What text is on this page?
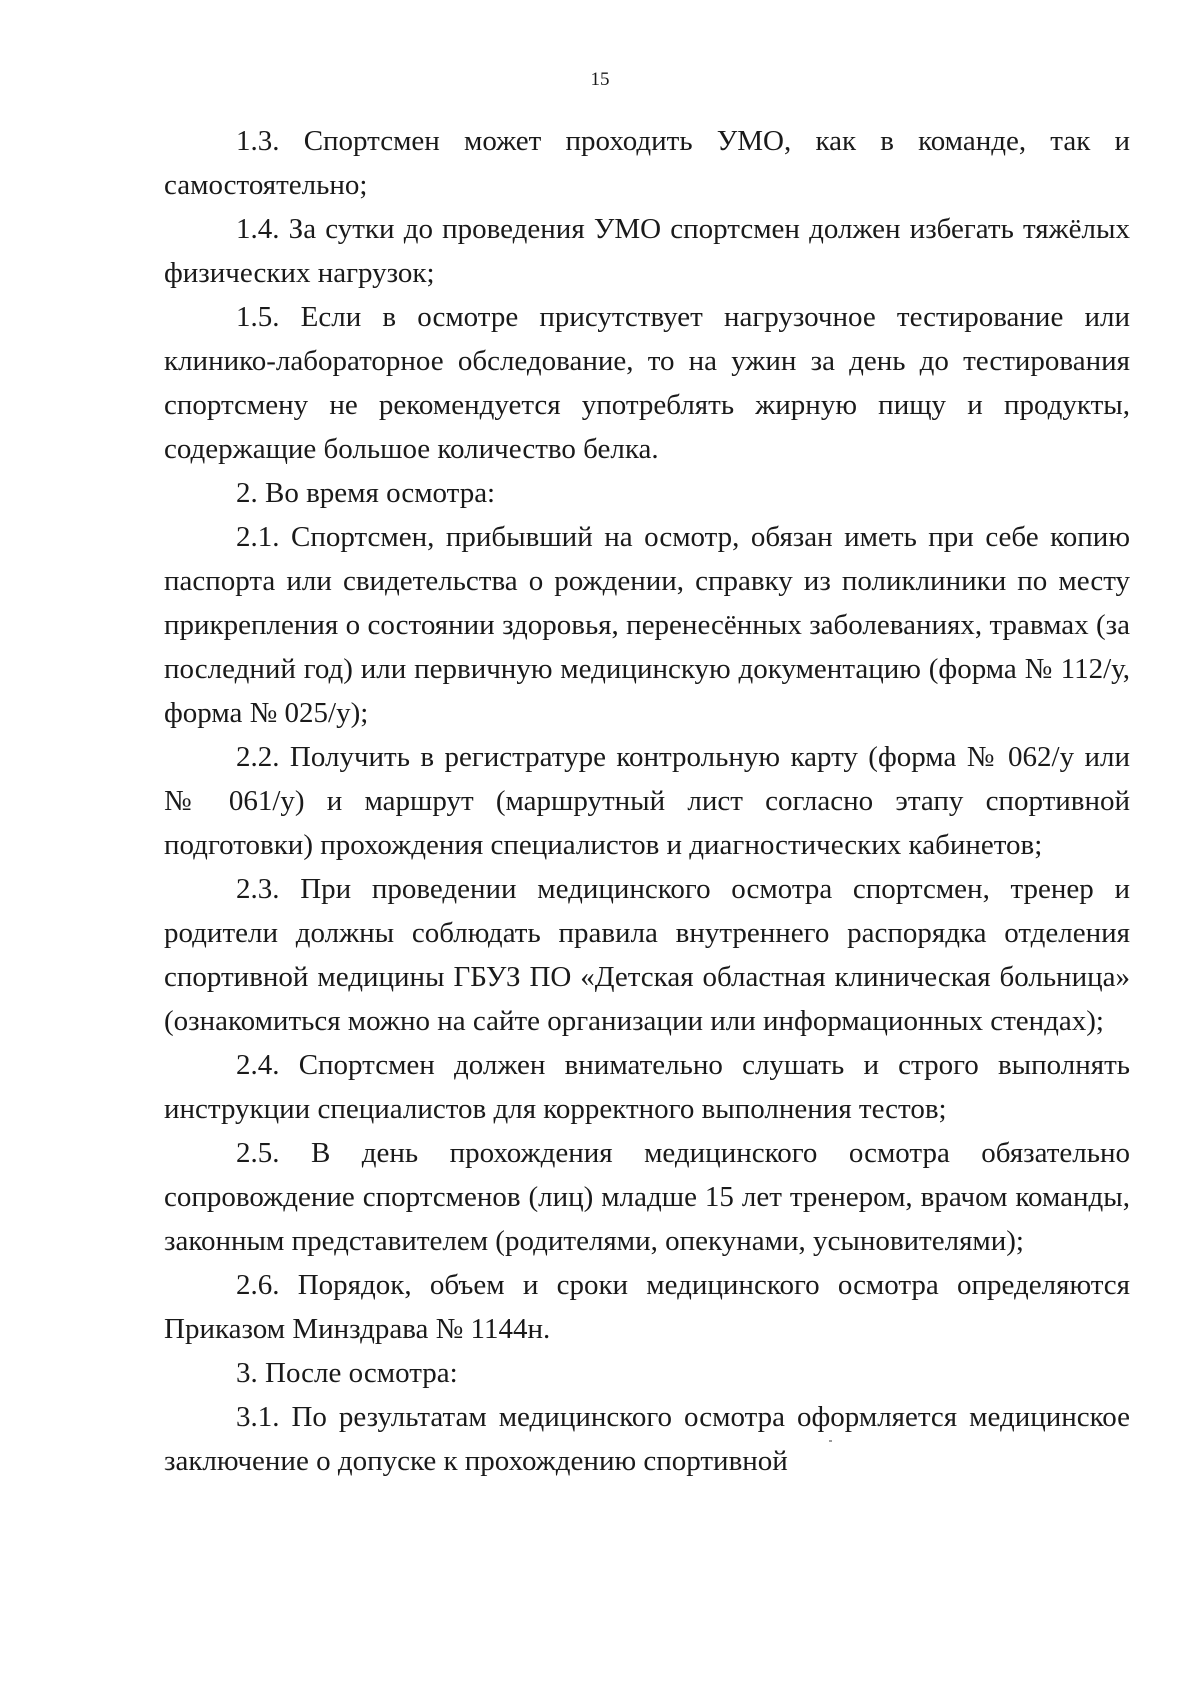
15

1.3. Спортсмен может проходить УМО, как в команде, так и самостоятельно;

1.4. За сутки до проведения УМО спортсмен должен избегать тяжёлых физических нагрузок;

1.5. Если в осмотре присутствует нагрузочное тестирование или клинико-лабораторное обследование, то на ужин за день до тестирования спортсмену не рекомендуется употреблять жирную пищу и продукты, содержащие большое количество белка.

2. Во время осмотра:

2.1. Спортсмен, прибывший на осмотр, обязан иметь при себе копию паспорта или свидетельства о рождении, справку из поликлиники по месту прикрепления о состоянии здоровья, перенесённых заболеваниях, травмах (за последний год) или первичную медицинскую документацию (форма № 112/у, форма № 025/у);

2.2. Получить в регистратуре контрольную карту (форма № 062/у или № 061/у) и маршрут (маршрутный лист согласно этапу спортивной подготовки) прохождения специалистов и диагностических кабинетов;

2.3. При проведении медицинского осмотра спортсмен, тренер и родители должны соблюдать правила внутреннего распорядка отделения спортивной медицины ГБУЗ ПО «Детская областная клиническая больница» (ознакомиться можно на сайте организации или информационных стендах);

2.4. Спортсмен должен внимательно слушать и строго выполнять инструкции специалистов для корректного выполнения тестов;

2.5. В день прохождения медицинского осмотра обязательно сопровождение спортсменов (лиц) младше 15 лет тренером, врачом команды, законным представителем (родителями, опекунами, усыновителями);

2.6. Порядок, объем и сроки медицинского осмотра определяются Приказом Минздрава № 1144н.

3. После осмотра:

3.1. По результатам медицинского осмотра оформляется медицинское заключение о допуске к прохождению спортивной
